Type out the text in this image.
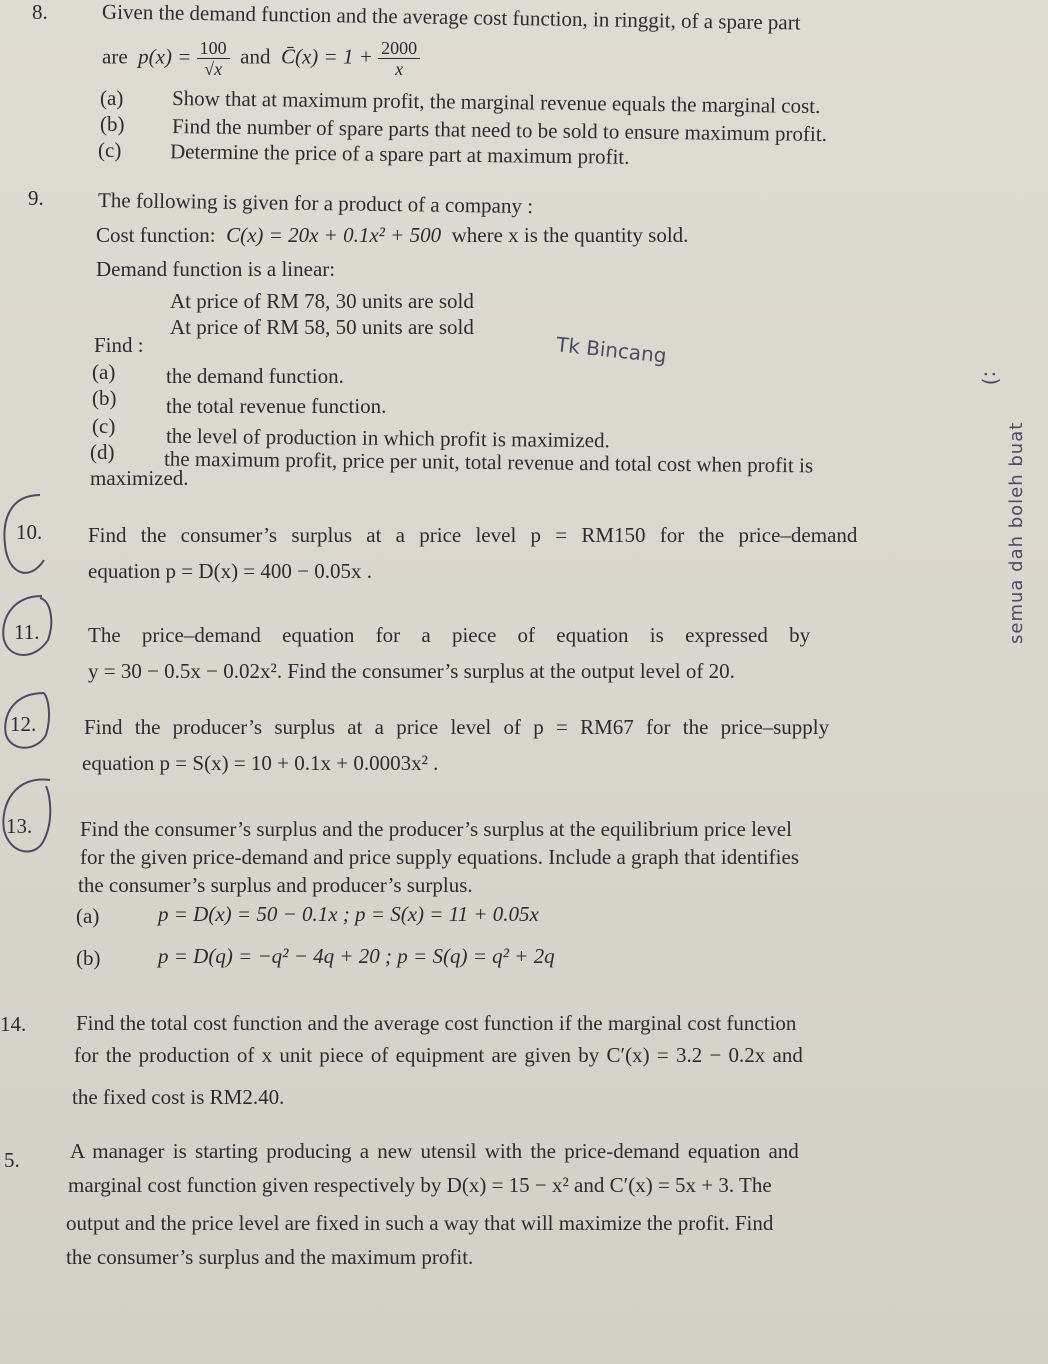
8.	Given the demand function and the average cost function, in ringgit, of a spare part
are $p(x) = \frac{100}{√x}$ and C̄(x) = $1 + \frac{2000}{x}$
(a) Show that at maximum profit, the marginal revenue equals the marginal cost.
(b) Find the number of spare parts that need to be sold to ensure maximum profit.
(c) Determine the price of a spare part at maximum profit.
9.	The following is given for a product of a company :
Cost function: C(x) = 20x + 0.1x² + 500 where x is the quantity sold.
Demand function is a linear:
At price of RM 78, 30 units are sold
At price of RM 58, 50 units are sold
Find :
(a) the demand function.
(b) the total revenue function.
(c) the level of production in which profit is maximized.
(d) the maximum profit, price per unit, total revenue and total cost when profit is
maximized.
Tk Bincang
:)
semua dah boleh buat
10. Find the consumer’s surplus at a price level p = RM150 for the price–demand
equation p = D(x) = 400 − 0.05x .
11. The price–demand equation for a piece of equation is expressed by
y = 30 − 0.5x − 0.02x². Find the consumer’s surplus at the output level of 20.
12. Find the producer’s surplus at a price level of p = RM67 for the price–supply
equation p = S(x) = 10 + 0.1x + 0.0003x² .
13. Find the consumer’s surplus and the producer’s surplus at the equilibrium price level
for the given price-demand and price supply equations. Include a graph that identifies
the consumer’s surplus and producer’s surplus.
(a)	p = D(x) = 50 − 0.1x ; p = S(x) = 11 + 0.05x
(b)	p = D(q) = −q² − 4q + 20 ; p = S(q) = q² + 2q
14. Find the total cost function and the average cost function if the marginal cost function
for the production of x unit piece of equipment are given by C′(x) = 3.2 − 0.2x and
the fixed cost is RM2.40.
5. A manager is starting producing a new utensil with the price-demand equation and
marginal cost function given respectively by D(x) = 15 − x² and C′(x) = 5x + 3. The
output and the price level are fixed in such a way that will maximize the profit. Find
the consumer’s surplus and the maximum profit.
